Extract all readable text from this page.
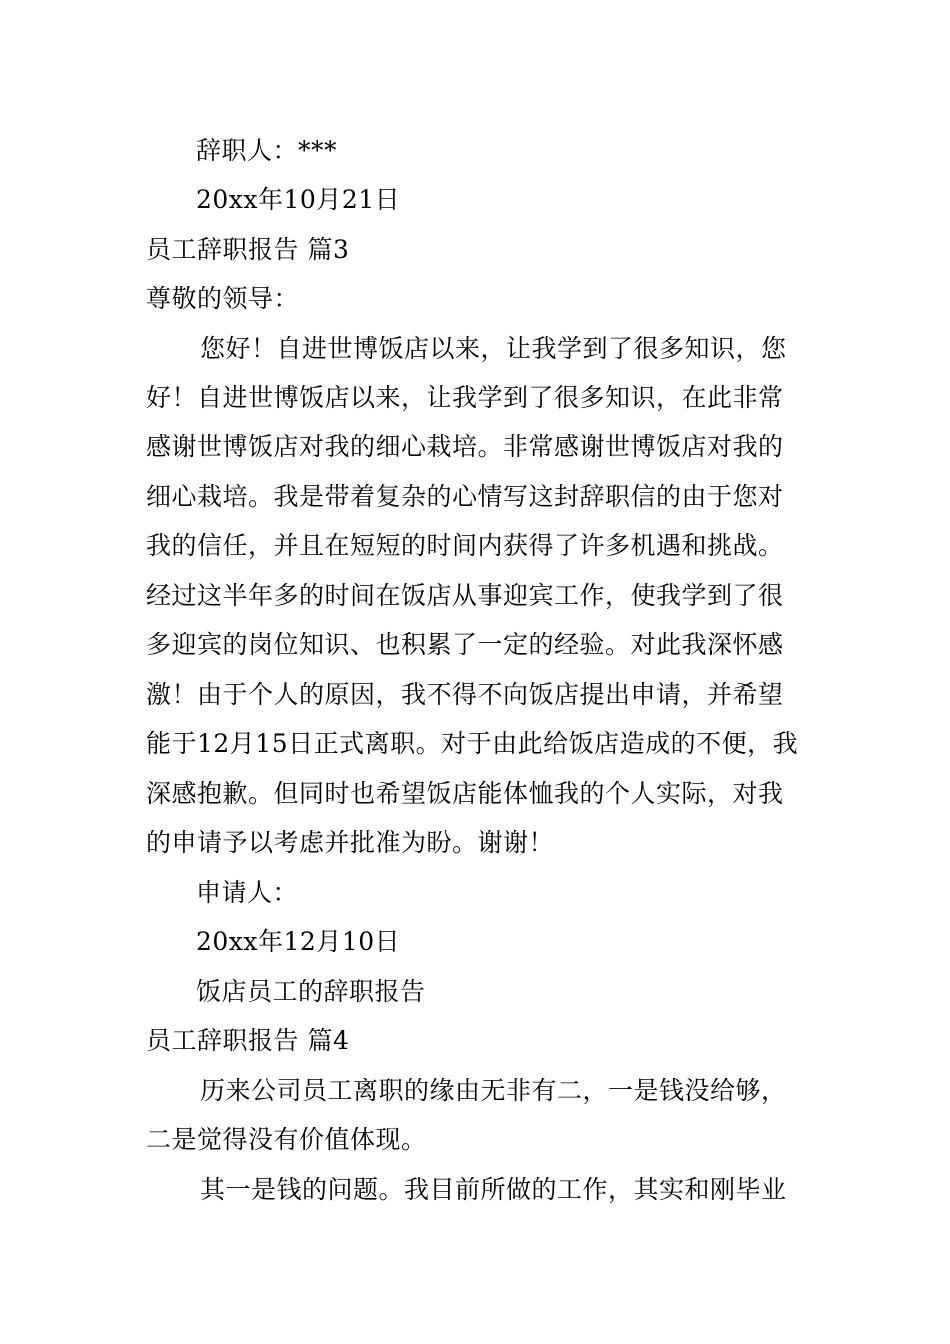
辞职人：***
20xx年10月21日
员工辞职报告 篇3
尊敬的领导：
您好！自进世博饭店以来，让我学到了很多知识，您
好！自进世博饭店以来，让我学到了很多知识，在此非常
感谢世博饭店对我的细心栽培。非常感谢世博饭店对我的
细心栽培。我是带着复杂的心情写这封辞职信的由于您对
我的信任，并且在短短的时间内获得了许多机遇和挑战。
经过这半年多的时间在饭店从事迎宾工作，使我学到了很
多迎宾的岗位知识、也积累了一定的经验。对此我深怀感
激！由于个人的原因，我不得不向饭店提出申请，并希望
能于12月15日正式离职。对于由此给饭店造成的不便，我
深感抱歉。但同时也希望饭店能体恤我的个人实际，对我
的申请予以考虑并批准为盼。谢谢！
申请人：
20xx年12月10日
饭店员工的辞职报告
员工辞职报告 篇4
历来公司员工离职的缘由无非有二，一是钱没给够，
二是觉得没有价值体现。
其一是钱的问题。我目前所做的工作，其实和刚毕业
